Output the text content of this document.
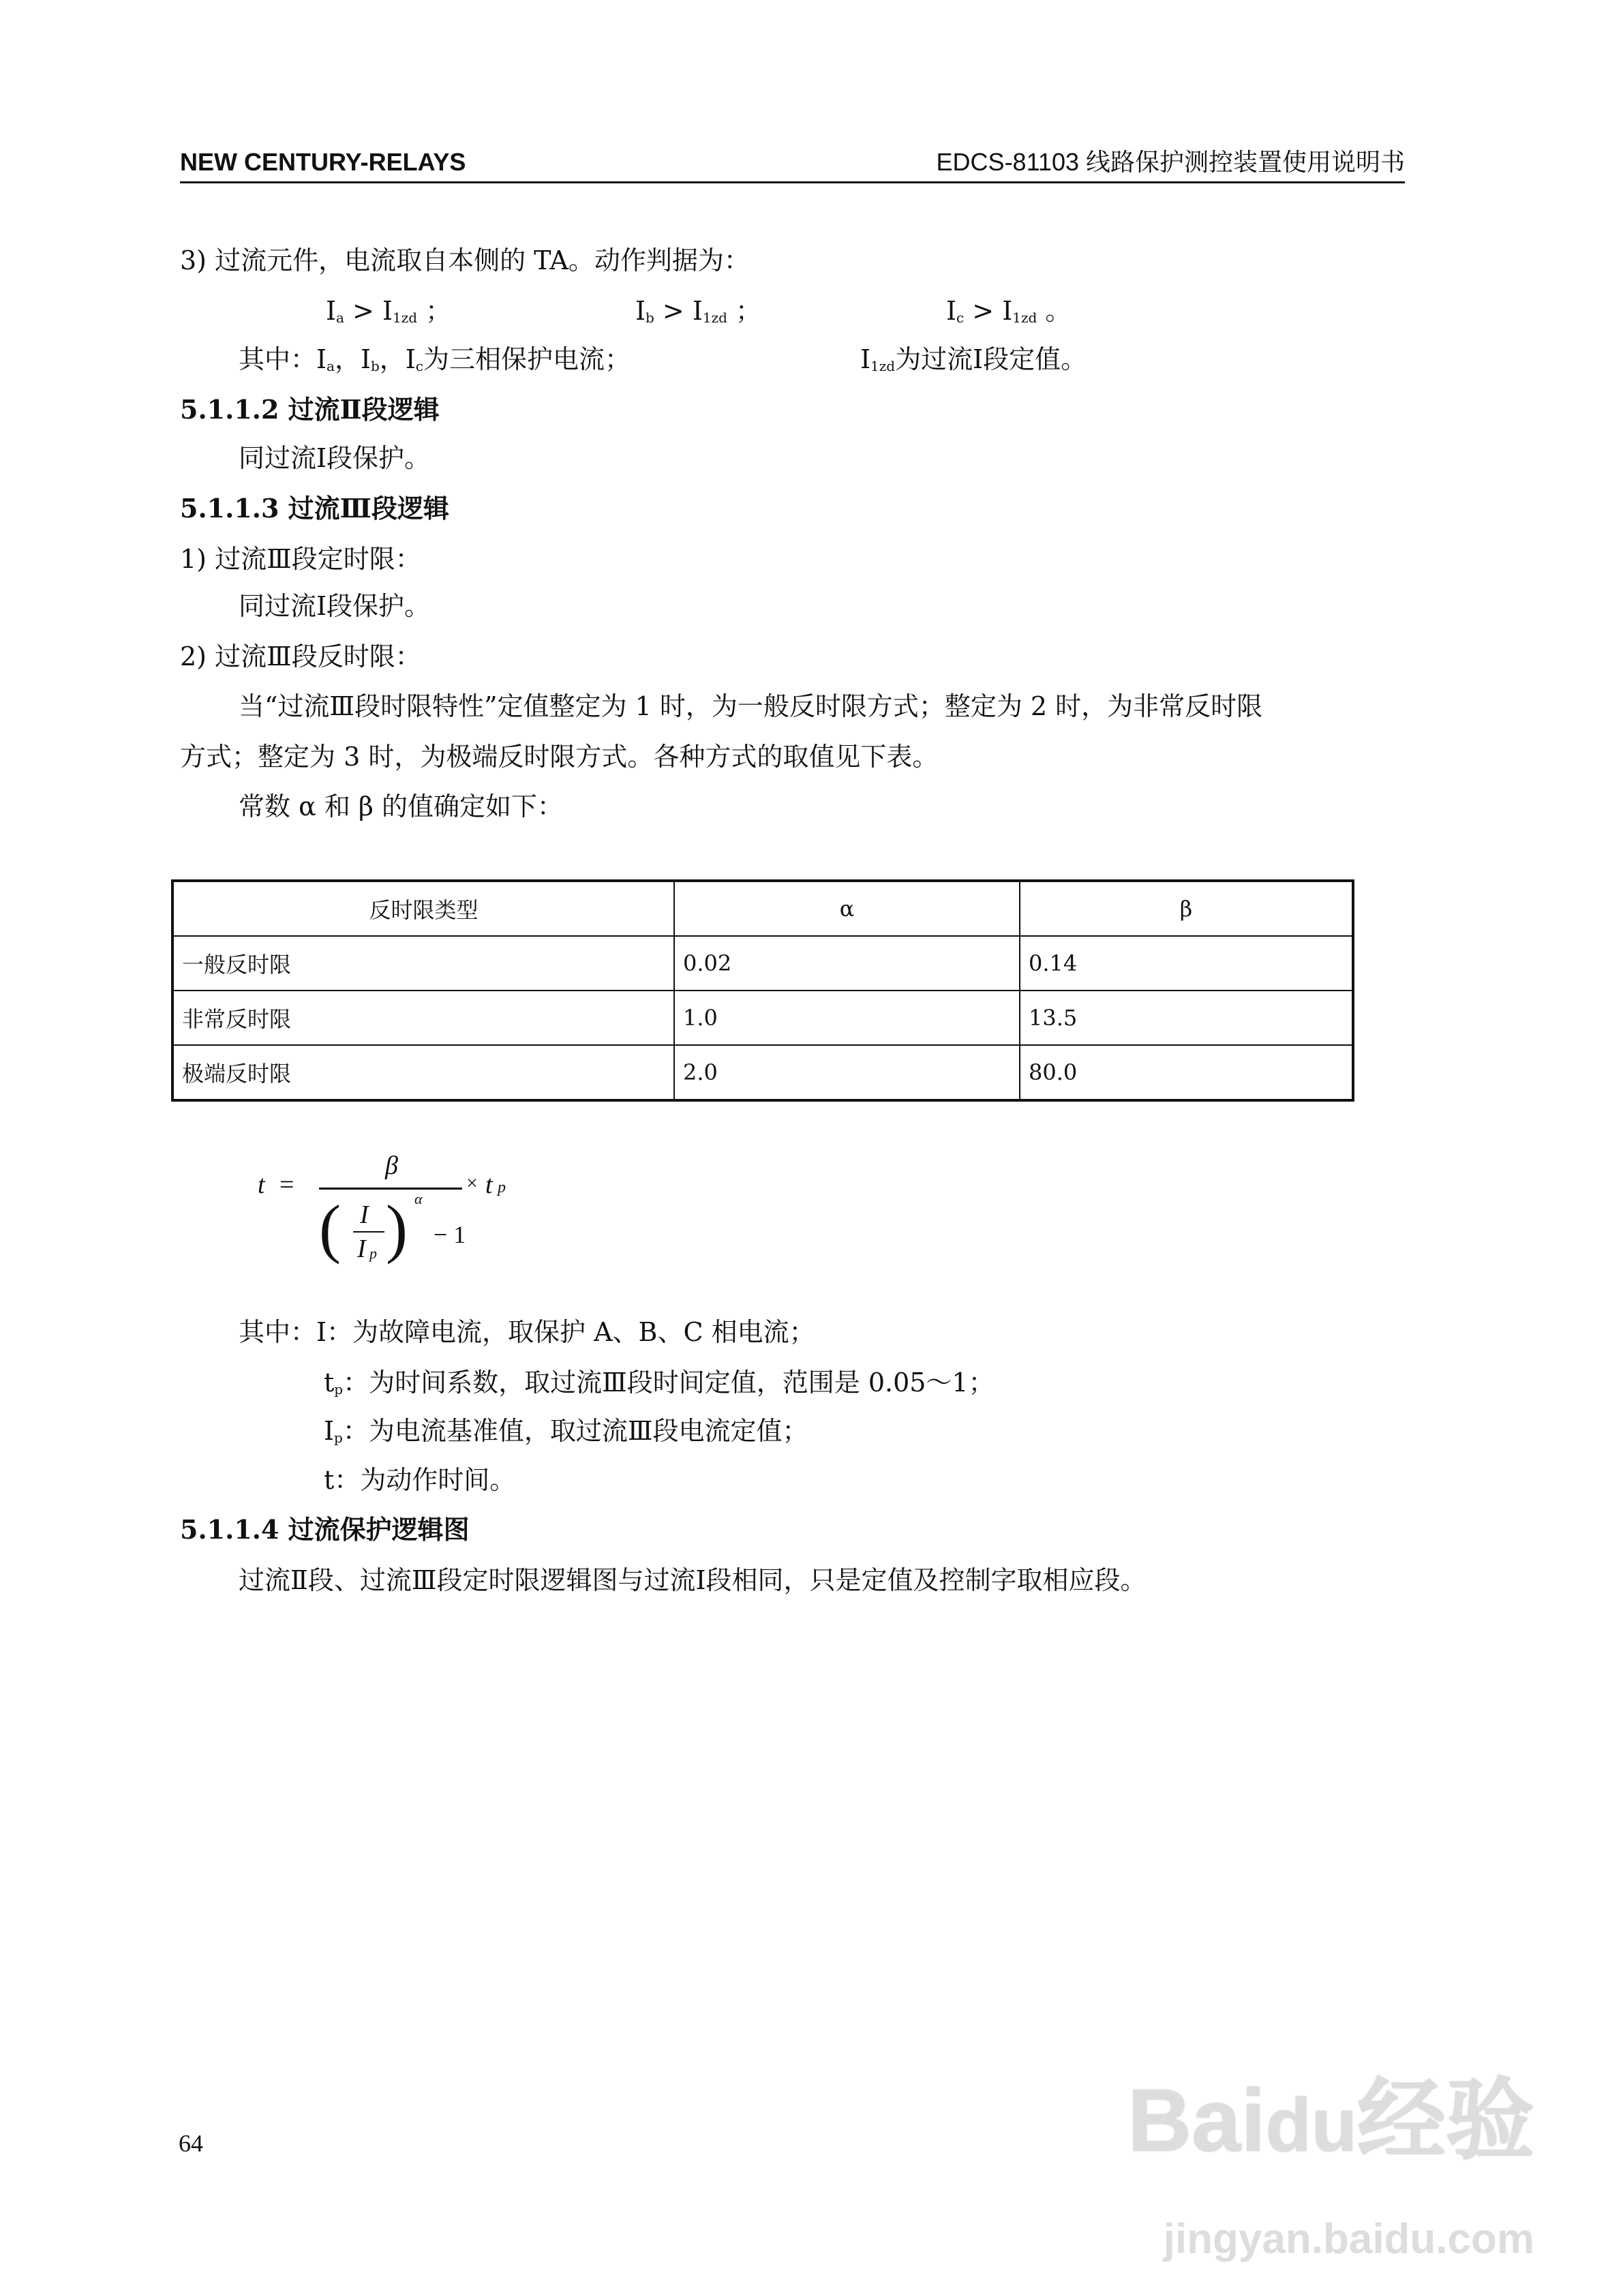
NEW CENTURY-RELAYS	EDCS-81103 线路保护测控装置使用说明书
3) 过流元件，电流取自本侧的 TA。动作判据为：
$I_a > I_{1zd}$ ；	$I_b > I_{1zd}$ ；	$I_c > I_{1zd}$ 。
其中：$I_a$，$I_b$，$I_c$为三相保护电流；	$I_{1zd}$为过流Ⅰ段定值。
5.1.1.2 过流Ⅱ段逻辑
同过流Ⅰ段保护。
5.1.1.3 过流Ⅲ段逻辑
1) 过流Ⅲ段定时限：
同过流Ⅰ段保护。
2) 过流Ⅲ段反时限：
当“过流Ⅲ段时限特性”定值整定为 1 时，为一般反时限方式；整定为 2 时，为非常反时限
方式；整定为 3 时，为极端反时限方式。各种方式的取值见下表。
常数 α 和 β 的值确定如下：
反时限类型	α	β
一般反时限	0.02	0.14
非常反时限	1.0	13.5
极端反时限	2.0	80.0
t =
β
× t p
( )
I
I p
α
− 1
其中：I：为故障电流，取保护 A、B、C 相电流；
$t_p$：为时间系数，取过流Ⅲ段时间定值，范围是 0.05～1；
$I_p$：为电流基准值，取过流Ⅲ段电流定值；
t：为动作时间。
5.1.1.4 过流保护逻辑图
过流Ⅱ段、过流Ⅲ段定时限逻辑图与过流Ⅰ段相同，只是定值及控制字取相应段。
64	Baidu经验
jingyan.baidu.com
